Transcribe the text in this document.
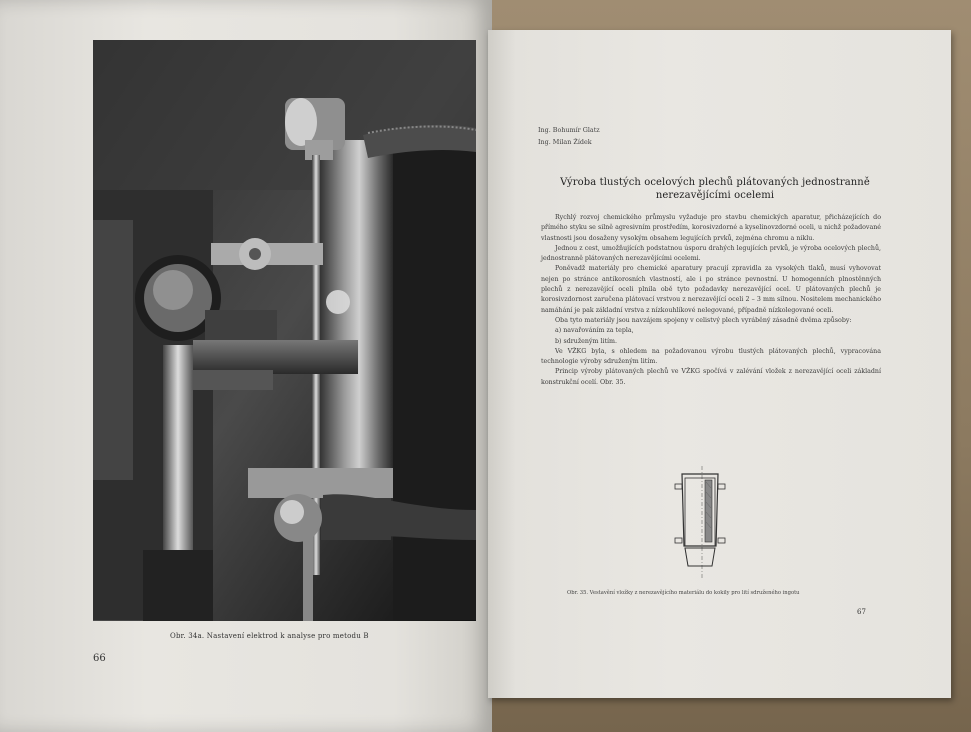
Obr. 34a. Nastavení elektrod k analyse pro metodu B
66
Ing. Bohumír Glatz
Ing. Milan Žídek
Výroba tlustých ocelových plechů plátovaných jednostranně
nerezavějícími ocelemi

Rychlý rozvoj chemického průmyslu vyžaduje pro stavbu chemických aparatur, přicházejících do přímého styku se silně agresivním prostředím, korosivzdorné a kyselinovzdorné oceli, u nichž požadované vlastnosti jsou dosaženy vysokým obsahem legujících prvků, zejména chromu a niklu.

Jednou z cest, umožňujících podstatnou úsporu drahých legujících prvků, je výroba ocelových plechů, jednostranně plátovaných nerezavějícími ocelemi.

Poněvadž materiály pro chemické aparatury pracují zpravidla za vysokých tlaků, musí vyhovovat nejen po stránce antikorosních vlastností, ale i po stránce pevnostní. U homogenních plnostěnných plechů z nerezavějící oceli plnila obě tyto požadavky nerezavějící ocel. U plátovaných plechů je korosivzdornost zaručena plátovací vrstvou z nerezavějící oceli 2 – 3 mm silnou. Nositelem mechanického namáhání je pak základní vrstva z nízkouhlíkové nelegované, případně nízkolegované oceli.

Oba tyto materiály jsou navzájem spojeny v celistvý plech vyráběný zásadně dvěma způsoby:

a) navařováním za tepla,

b) sdruženým litím.

Ve VŽKG byla, s ohledem na požadovanou výrobu tlustých plátovaných plechů, vypracována technologie výroby sdruženým litím.

Princip výroby plátovaných plechů ve VŽKG spočívá v zalévání vložek z nerezavějící oceli základní konstrukční ocelí. Obr. 35.

Obr. 35. Vestavění vložky z nerezavějícího materiálu do kokily pro lití sdruženého ingotu
67
